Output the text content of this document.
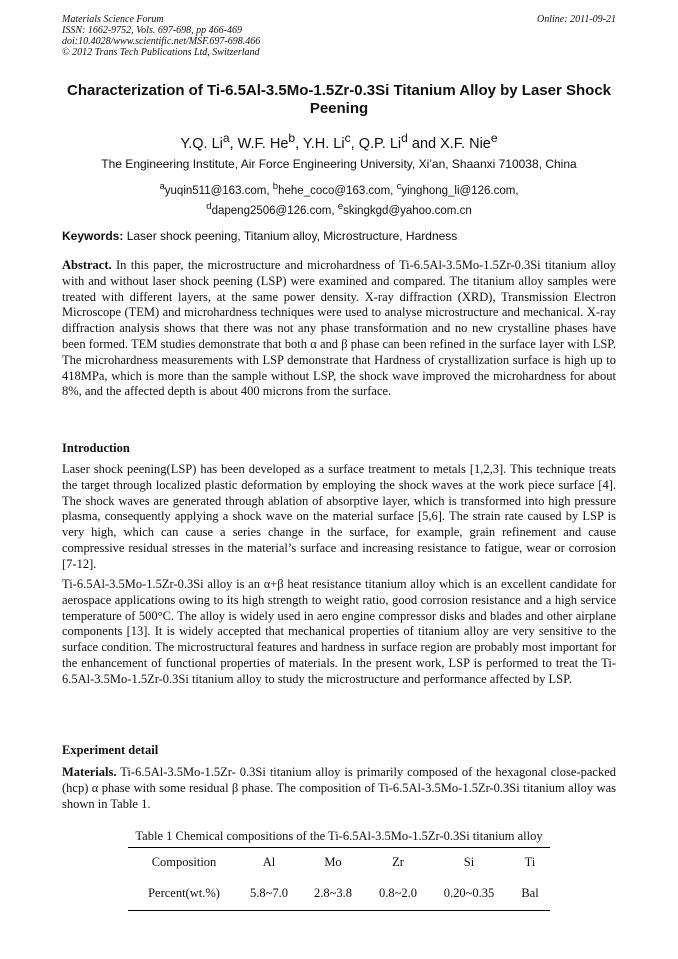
Materials Science Forum
ISSN: 1662-9752, Vols. 697-698, pp 466-469
doi:10.4028/www.scientific.net/MSF.697-698.466
© 2012 Trans Tech Publications Ltd, Switzerland
Online: 2011-09-21
Characterization of Ti-6.5Al-3.5Mo-1.5Zr-0.3Si Titanium Alloy by Laser Shock Peening
Y.Q. Li$^a$, W.F. He$^b$, Y.H. Li$^c$, Q.P. Li$^d$ and X.F. Nie$^e$
The Engineering Institute, Air Force Engineering University, Xi’an, Shaanxi 710038, China
$^a$yuqin511@163.com, $^b$hehe_coco@163.com, $^c$yinghong_li@126.com,
$^d$dapeng2506@126.com, $^e$skingkgd@yahoo.com.cn
Keywords: Laser shock peening, Titanium alloy, Microstructure, Hardness
Abstract. In this paper, the microstructure and microhardness of Ti-6.5Al-3.5Mo-1.5Zr-0.3Si titanium alloy with and without laser shock peening (LSP) were examined and compared. The titanium alloy samples were treated with different layers, at the same power density. X-ray diffraction (XRD), Transmission Electron Microscope (TEM) and microhardness techniques were used to analyse microstructure and mechanical. X-ray diffraction analysis shows that there was not any phase transformation and no new crystalline phases have been formed. TEM studies demonstrate that both α and β phase can been refined in the surface layer with LSP. The microhardness measurements with LSP demonstrate that Hardness of crystallization surface is high up to 418MPa, which is more than the sample without LSP, the shock wave improved the microhardness for about 8%, and the affected depth is about 400 microns from the surface.
Introduction
Laser shock peening(LSP) has been developed as a surface treatment to metals [1,2,3]. This technique treats the target through localized plastic deformation by employing the shock waves at the work piece surface [4]. The shock waves are generated through ablation of absorptive layer, which is transformed into high pressure plasma, consequently applying a shock wave on the material surface [5,6]. The strain rate caused by LSP is very high, which can cause a series change in the surface, for example, grain refinement and cause compressive residual stresses in the material’s surface and increasing resistance to fatigue, wear or corrosion [7-12].
Ti-6.5Al-3.5Mo-1.5Zr-0.3Si alloy is an α+β heat resistance titanium alloy which is an excellent candidate for aerospace applications owing to its high strength to weight ratio, good corrosion resistance and a high service temperature of 500°C. The alloy is widely used in aero engine compressor disks and blades and other airplane components [13]. It is widely accepted that mechanical properties of titanium alloy are very sensitive to the surface condition. The microstructural features and hardness in surface region are probably most important for the enhancement of functional properties of materials. In the present work, LSP is performed to treat the Ti-6.5Al-3.5Mo-1.5Zr-0.3Si titanium alloy to study the microstructure and performance affected by LSP.
Experiment detail
Materials. Ti-6.5Al-3.5Mo-1.5Zr- 0.3Si titanium alloy is primarily composed of the hexagonal close-packed (hcp) α phase with some residual β phase. The composition of Ti-6.5Al-3.5Mo-1.5Zr-0.3Si titanium alloy was shown in Table 1.
Table 1 Chemical compositions of the Ti-6.5Al-3.5Mo-1.5Zr-0.3Si titanium alloy
Composition	Al	Mo	Zr	Si	Ti
Percent(wt.%)	5.8~7.0	2.8~3.8	0.8~2.0	0.20~0.35	Bal
